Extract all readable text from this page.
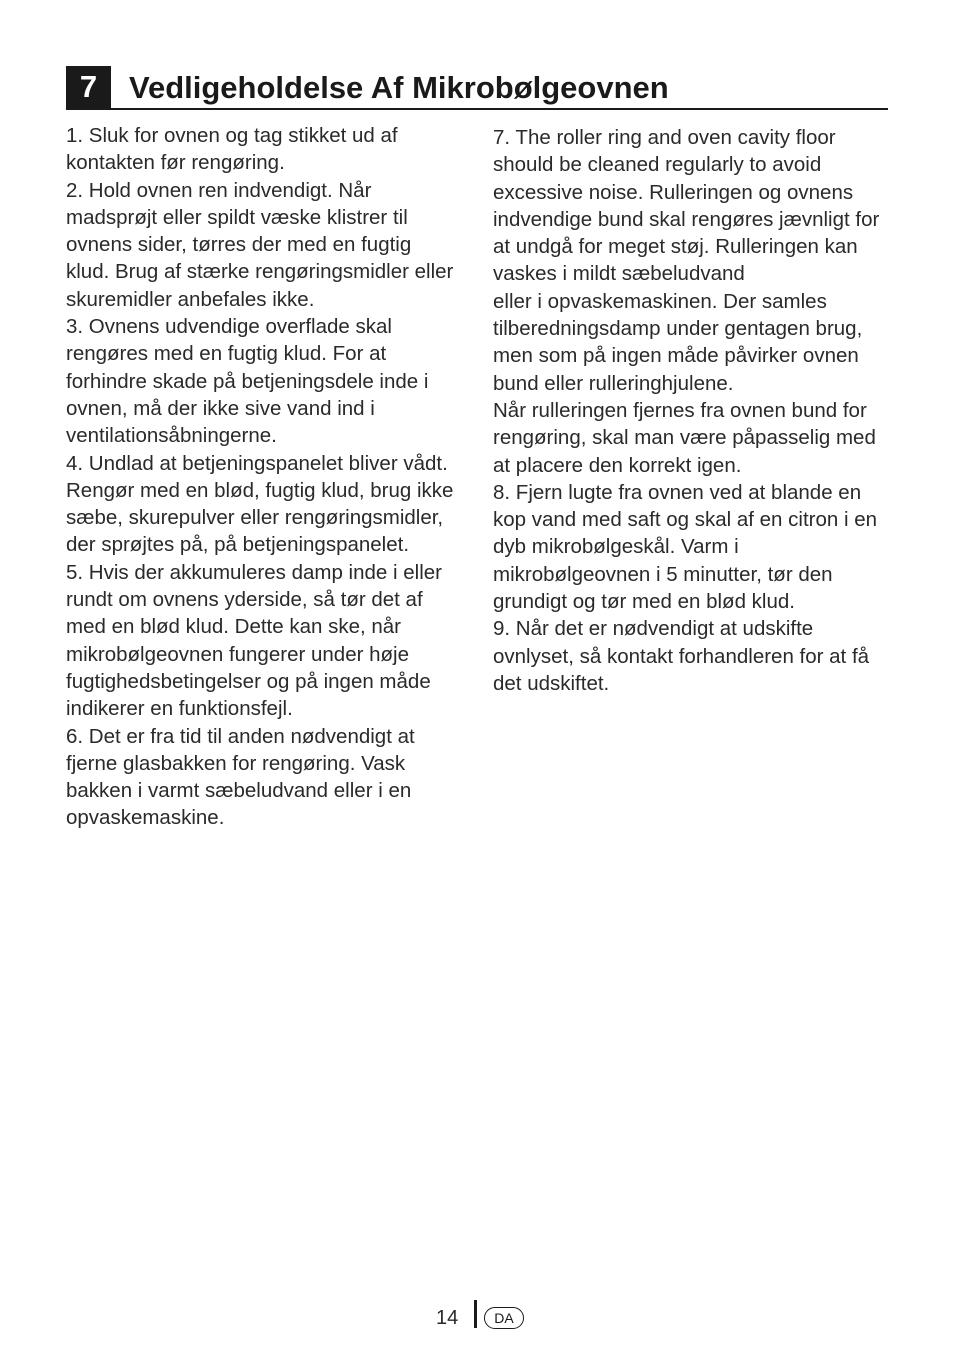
7	Vedligeholdelse Af Mikrobølgeovnen

1. Sluk for ovnen og tag stikket ud af kontakten før rengøring.

2. Hold ovnen ren indvendigt. Når madsprøjt eller spildt væske klistrer til ovnens sider, tørres der med en fugtig klud. Brug af stærke rengøringsmidler eller skuremidler anbefales ikke.

3. Ovnens udvendige overflade skal rengøres med en fugtig klud. For at forhindre skade på betjeningsdele inde i ovnen, må der ikke sive vand ind i ventilationsåbningerne.

4. Undlad at betjeningspanelet bliver vådt. Rengør med en blød, fugtig klud, brug ikke sæbe, skurepulver eller rengøringsmidler, der sprøjtes på, på betjeningspanelet.

5. Hvis der akkumuleres damp inde i eller rundt om ovnens yderside, så tør det af med en blød klud. Dette kan ske, når mikrobølgeovnen fungerer under høje fugtighedsbetingelser og på ingen måde indikerer en funktionsfejl.

6. Det er fra tid til anden nødvendigt at fjerne glasbakken for rengøring. Vask bakken i varmt sæbeludvand eller i en opvaskemaskine.

7. The roller ring and oven cavity floor should be cleaned regularly to avoid excessive noise. Rulleringen og ovnens indvendige bund skal rengøres jævnligt for at undgå for meget støj. Rulleringen kan vaskes i mildt sæbeludvand

eller i opvaskemaskinen. Der samles tilberedningsdamp under gentagen brug, men som på ingen måde påvirker ovnen bund eller rulleringhjulene.

Når rulleringen fjernes fra ovnen bund for rengøring, skal man være påpasselig med at placere den korrekt igen.

8. Fjern lugte fra ovnen ved at blande en kop vand med saft og skal af en citron i en dyb mikrobølgeskål. Varm i mikrobølgeovnen i 5 minutter, tør den grundigt og tør med en blød klud.

9. Når det er nødvendigt at udskifte ovnlyset, så kontakt forhandleren for at få det udskiftet.

14	DA
